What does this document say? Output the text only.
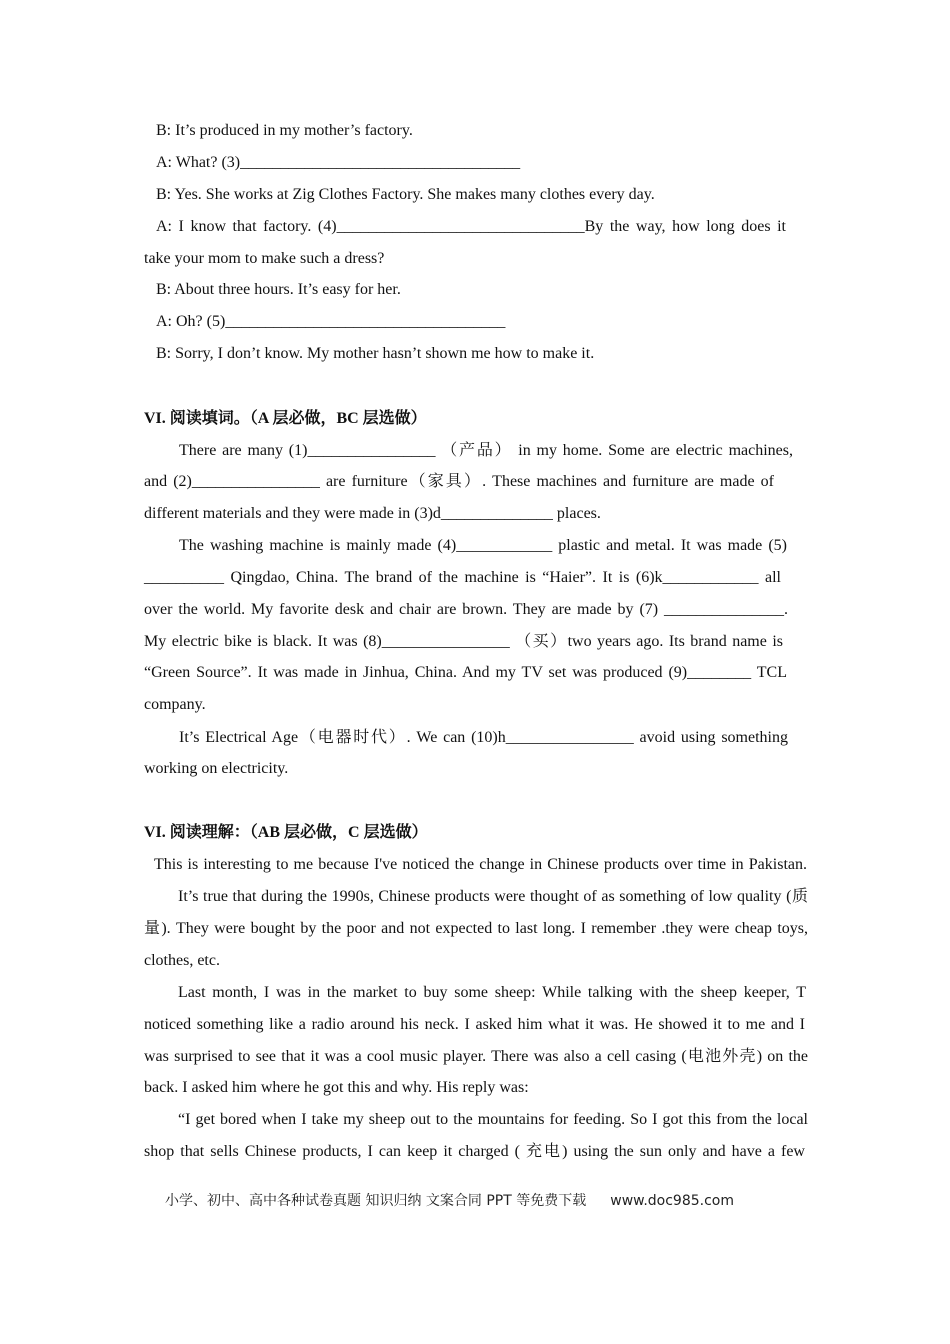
B: It’s produced in my mother’s factory.
A: What? (3)___________________________________
B: Yes. She works at Zig Clothes Factory. She makes many clothes every day.
A: I know that factory. (4)_______________________________By the way, how long does it
take your mom to make such a dress?
B: About three hours. It’s easy for her.
A: Oh? (5)___________________________________
B: Sorry, I don’t know. My mother hasn’t shown me how to make it.
VI. 阅读填词。（A 层必做，BC 层选做）
There are many (1)________________ （产品） in my home. Some are electric machines,
and (2)________________ are furniture（家具）. These machines and furniture are made of
different materials and they were made in (3)d______________ places.
The washing machine is mainly made (4)____________ plastic and metal. It was made (5)
__________ Qingdao, China. The brand of the machine is “Haier”. It is (6)k____________ all
over the world. My favorite desk and chair are brown. They are made by (7) _______________.
My electric bike is black. It was (8)________________ （买）two years ago. Its brand name is
“Green Source”. It was made in Jinhua, China. And my TV set was produced (9)________ TCL
company.
It’s Electrical Age（电器时代）. We can (10)h________________ avoid using something
working on electricity.
VI. 阅读理解：（AB 层必做，C 层选做）
This is interesting to me because I've noticed the change in Chinese products over time in Pakistan.
It’s true that during the 1990s, Chinese products were thought of as something of low quality (质
量). They were bought by the poor and not expected to last long. I remember .they were cheap toys,
clothes, etc.
Last month, I was in the market to buy some sheep: While talking with the sheep keeper, T
noticed something like a radio around his neck. I asked him what it was. He showed it to me and I
was surprised to see that it was a cool music player. There was also a cell casing (电池外壳) on the
back. I asked him where he got this and why. His reply was:
“I get bored when I take my sheep out to the mountains for feeding. So I got this from the local
shop that sells Chinese products, I can keep it charged ( 充电) using the sun only and have a few
小学、初中、高中各种试卷真题 知识归纳 文案合同 PPT 等免费下载 www.doc985.com
